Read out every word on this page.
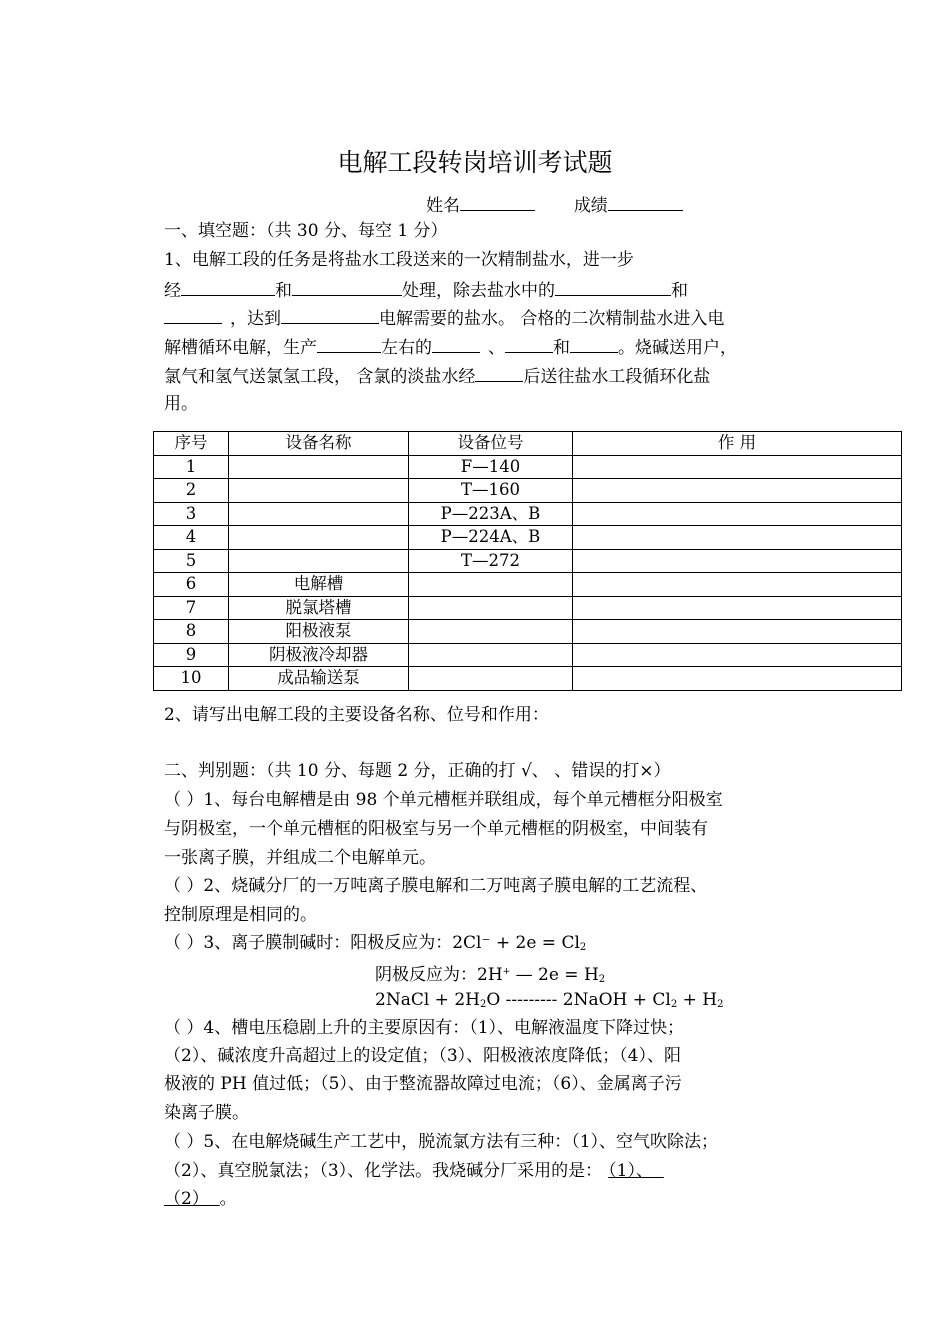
电解工段转岗培训考试题
姓名	成绩
一、填空题：（共 30 分、每空 1 分）
1、电解工段的任务是将盐水工段送来的一次精制盐水，进一步
经	和	处理，除去盐水中的	和
，达到	电解需要的盐水。 合格的二次精制盐水进入电
解槽循环电解，生产	左右的	、	和	。烧碱送用户，
氯气和氢气送氯氢工段， 含氯的淡盐水经	后送往盐水工段循环化盐
用。
序号	设备名称	设备位号	作 用
1		F—140	
2		T—160	
3		P—223A、B	
4		P—224A、B	
5		T—272	
6	电解槽		
7	脱氯塔槽		
8	阳极液泵		
9	阴极液冷却器		
10	成品输送泵		
2、请写出电解工段的主要设备名称、位号和作用：
二、判别题：（共 10 分、每题 2 分，正确的打 √、 、错误的打×）
（ ）1、每台电解槽是由 98 个单元槽框并联组成，每个单元槽框分阳极室
与阴极室，一个单元槽框的阳极室与另一个单元槽框的阴极室，中间装有
一张离子膜，并组成二个电解单元。
（ ）2、烧碱分厂的一万吨离子膜电解和二万吨离子膜电解的工艺流程、
控制原理是相同的。
（ ）3、离子膜制碱时：阳极反应为：$2Cl^- + 2e = Cl_2$
阴极反应为：2H+ — $2e = H_2$
2NaCl + $2H_2O$ --------- 2NaOH + $Cl_2 + H_2$
（ ）4、槽电压稳剧上升的主要原因有：（1）、电解液温度下降过快；
（2）、碱浓度升高超过上的设定值；（3）、阳极液浓度降低；（4）、阳
极液的 PH 值过低；（5）、由于整流器故障过电流；（6）、金属离子污
染离子膜。
（ ）5、在电解烧碱生产工艺中，脱流氯方法有三种：（1）、空气吹除法；
（2）、真空脱氯法；（3）、化学法。我烧碱分厂采用的是： （1）、
（2） 。
